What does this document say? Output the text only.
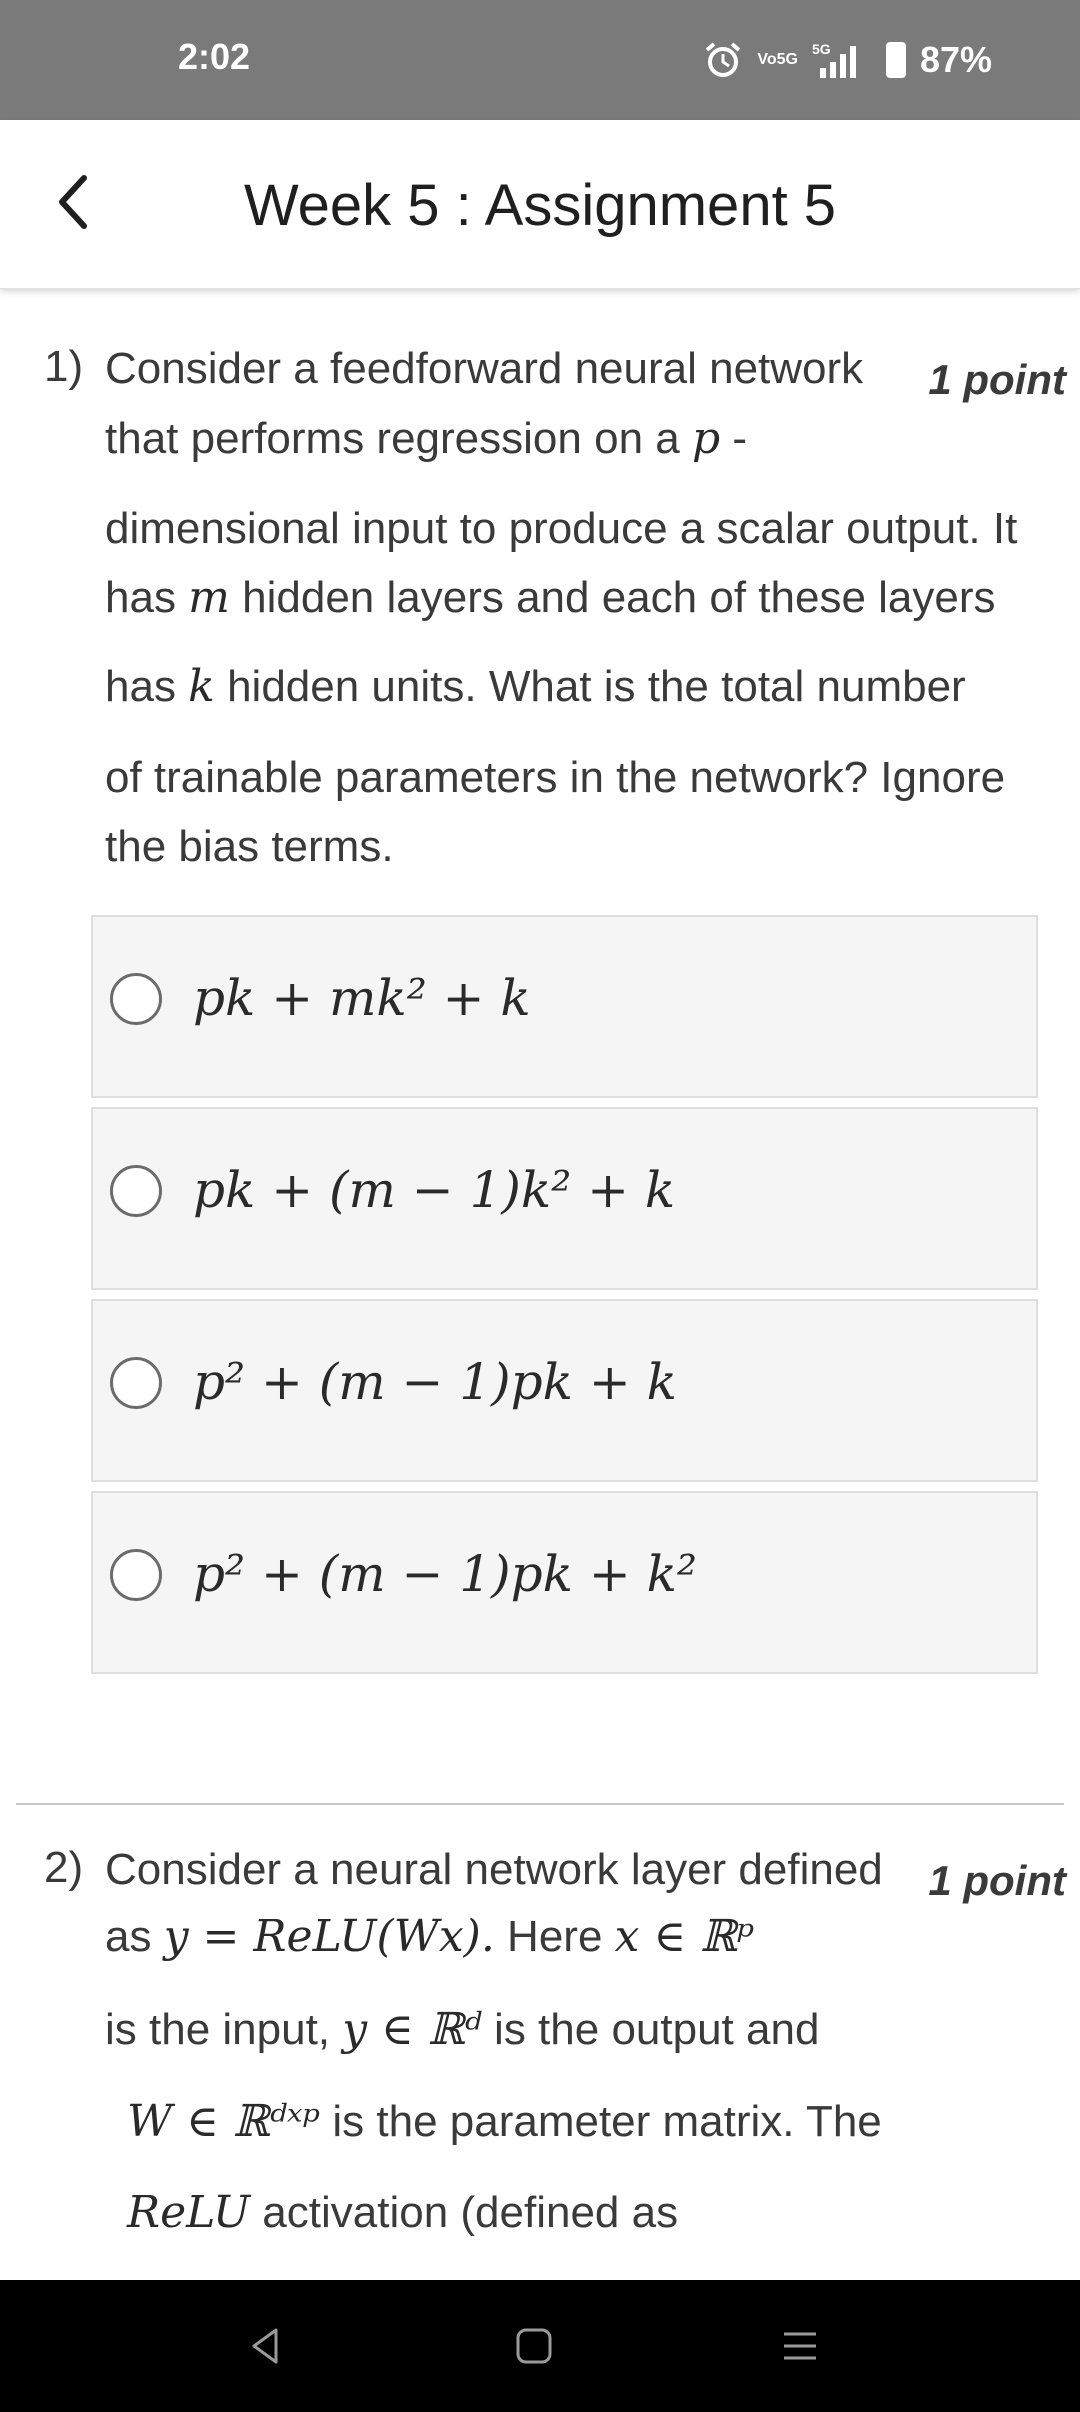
2:02	Vo 5G
5G 87%
Week 5 : Assignment 5
1)	1 point
Consider a feedforward neural network
that performs regression on a p -
dimensional input to produce a scalar output. It
has m hidden layers and each of these layers
has k hidden units. What is the total number
of trainable parameters in the network? Ignore
the bias terms.
pk + mk² + k
pk + (m − 1)k² + k
p² + (m − 1)pk + k
p² + (m − 1)pk + k²
2)	1 point
Consider a neural network layer defined
as y = ReLU(Wx). Here x ∈ ℝᵖ
is the input, y ∈ ℝᵈ is the output and
W ∈ ℝᵈˣᵖ is the parameter matrix. The
ReLU activation (defined as
